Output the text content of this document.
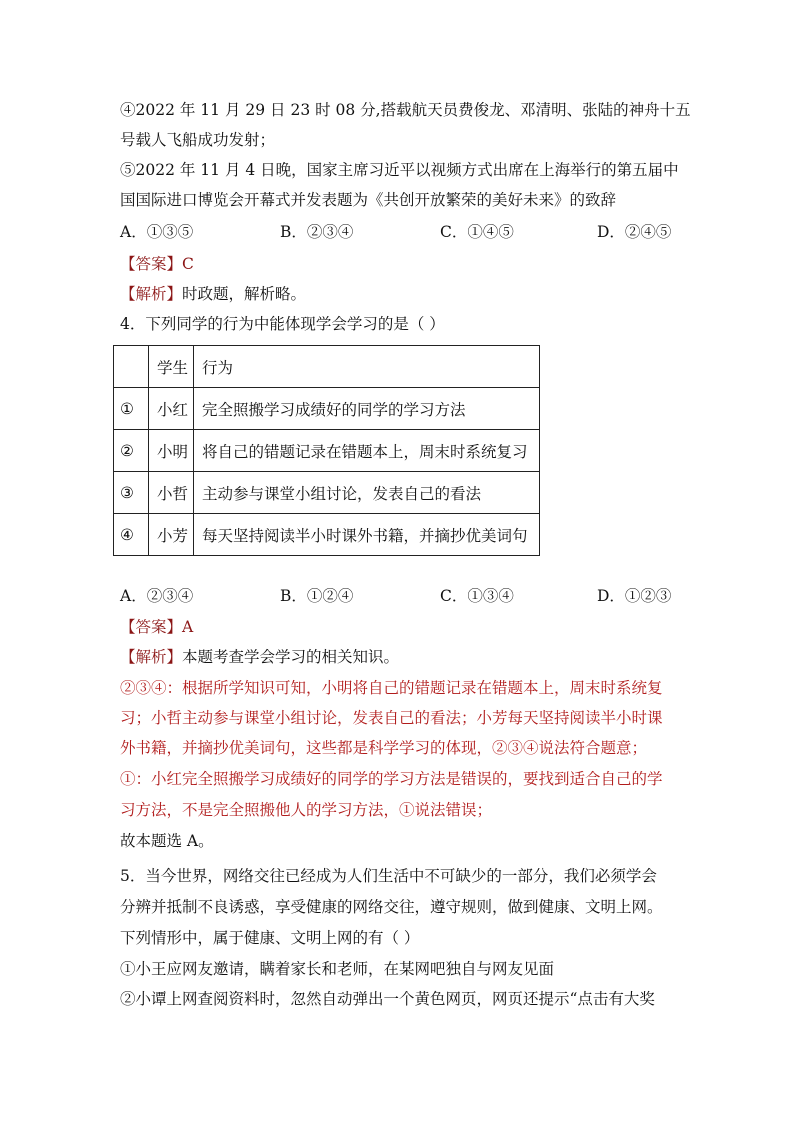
④2022 年 11 月 29 日 23 时 08 分,搭载航天员费俊龙、邓清明、张陆的神舟十五
号载人飞船成功发射；
⑤2022 年 11 月 4 日晚，国家主席习近平以视频方式出席在上海举行的第五届中
国国际进口博览会开幕式并发表题为《共创开放繁荣的美好未来》的致辞
A．①③⑤	B．②③④	C．①④⑤	D．②④⑤
【答案】C
【解析】时政题，解析略。
4．下列同学的行为中能体现学会学习的是（ ）
	学生	行为
①	小红	完全照搬学习成绩好的同学的学习方法
②	小明	将自己的错题记录在错题本上，周末时系统复习
③	小哲	主动参与课堂小组讨论，发表自己的看法
④	小芳	每天坚持阅读半小时课外书籍，并摘抄优美词句
A．②③④	B．①②④	C．①③④	D．①②③
【答案】A
【解析】本题考查学会学习的相关知识。
②③④：根据所学知识可知，小明将自己的错题记录在错题本上，周末时系统复
习；小哲主动参与课堂小组讨论，发表自己的看法；小芳每天坚持阅读半小时课
外书籍，并摘抄优美词句，这些都是科学学习的体现，②③④说法符合题意；
①：小红完全照搬学习成绩好的同学的学习方法是错误的，要找到适合自己的学
习方法，不是完全照搬他人的学习方法，①说法错误；
故本题选 A。
5．当今世界，网络交往已经成为人们生活中不可缺少的一部分，我们必须学会
分辨并抵制不良诱惑，享受健康的网络交往，遵守规则，做到健康、文明上网。
下列情形中，属于健康、文明上网的有（ ）
①小王应网友邀请，瞒着家长和老师，在某网吧独自与网友见面
②小谭上网查阅资料时，忽然自动弹出一个黄色网页，网页还提示“点击有大奖
